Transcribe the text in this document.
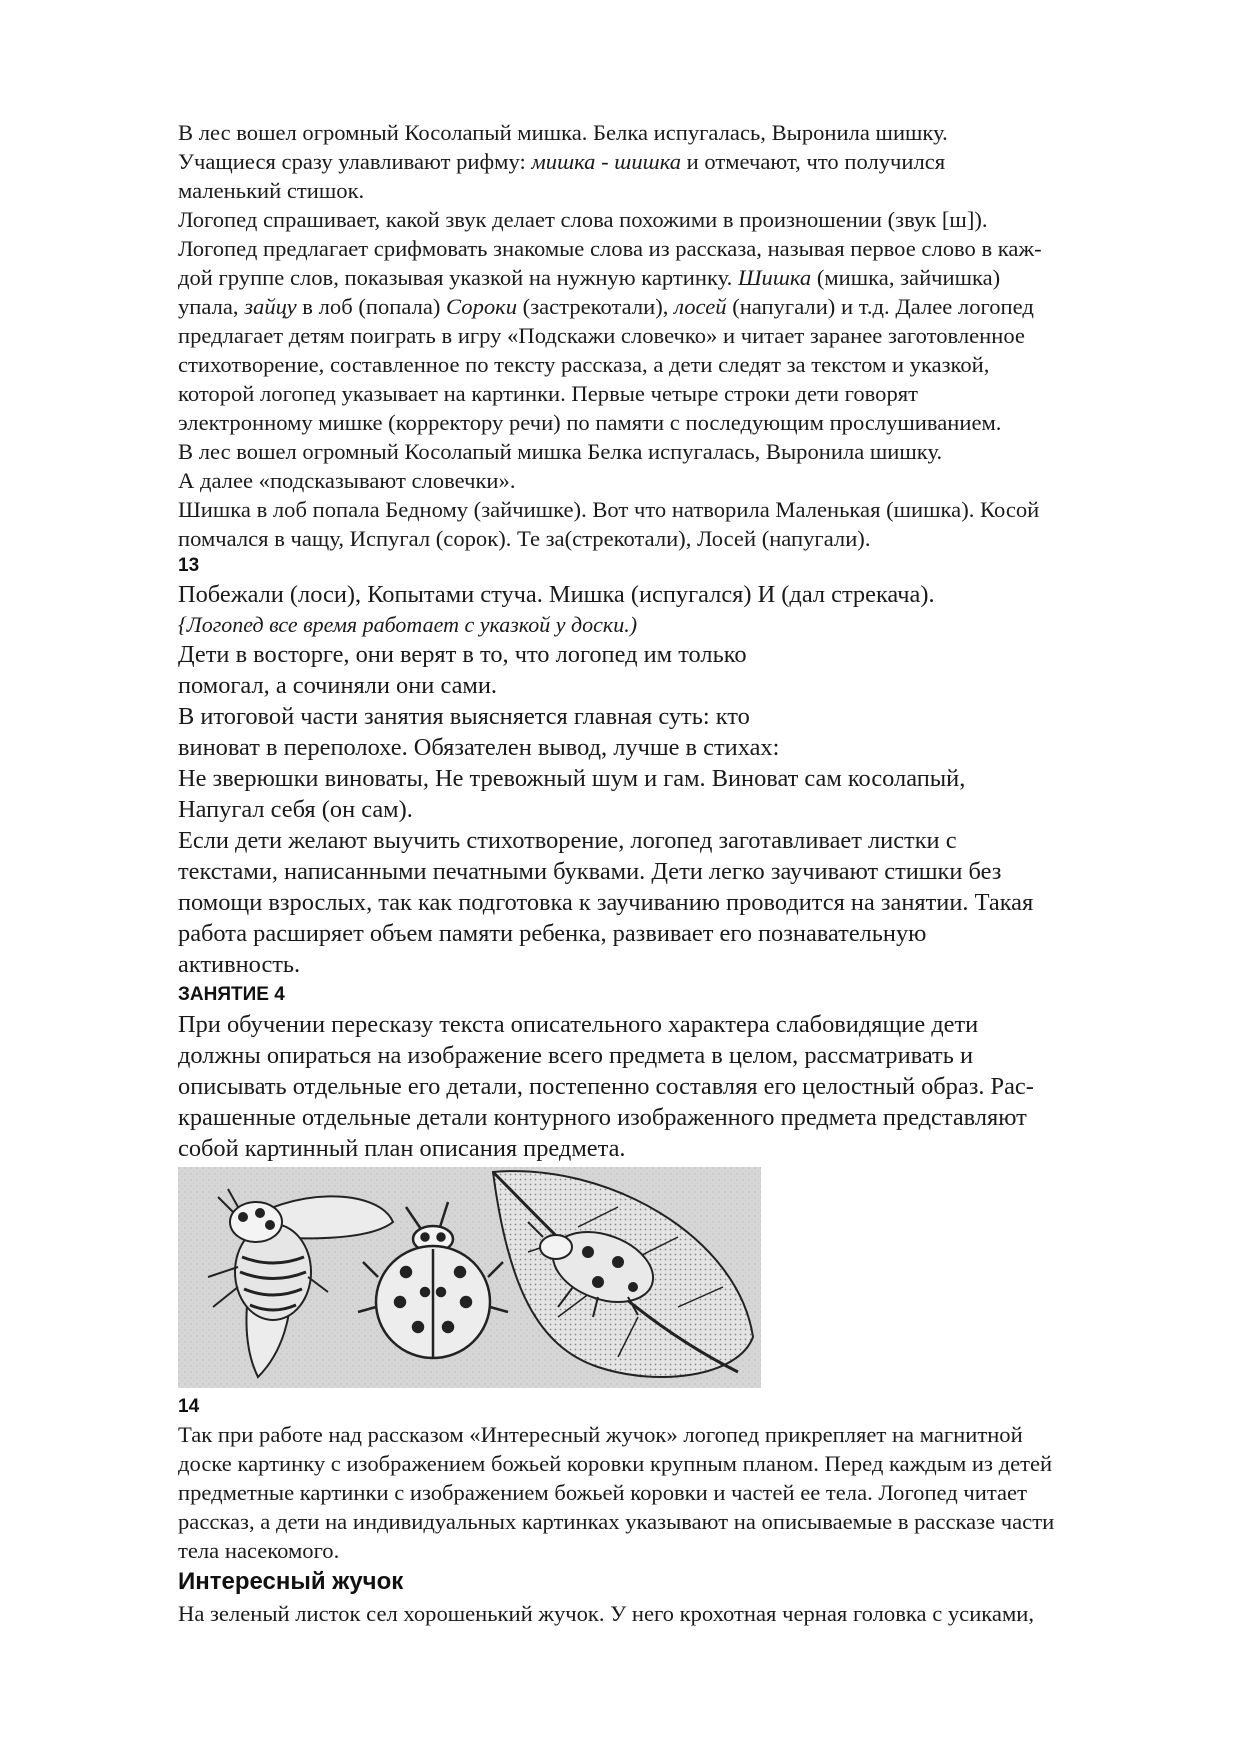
В лес вошел огромный Косолапый мишка. Белка испугалась, Выронила шишку.
Учащиеся сразу улавливают рифму: мишка - шишка и отмечают, что получился
маленький стишок.
Логопед спрашивает, какой звук делает слова похожими в произношении (звук [ш]).
Логопед предлагает срифмовать знакомые слова из рассказа, называя первое слово в каж-
дой группе слов, показывая указкой на нужную картинку. Шишка (мишка, зайчишка)
упала, зайцу в лоб (попала) Сороки (застрекотали), лосей (напугали) и т.д. Далее логопед
предлагает детям поиграть в игру «Подскажи словечко» и читает заранее заготовленное
стихотворение, составленное по тексту рассказа, а дети следят за текстом и указкой,
которой логопед указывает на картинки. Первые четыре строки дети говорят
электронному мишке (корректору речи) по памяти с последующим прослушиванием.
В лес вошел огромный Косолапый мишка Белка испугалась, Выронила шишку.
А далее «подсказывают словечки».
Шишка в лоб попала Бедному (зайчишке). Вот что натворила Маленькая (шишка). Косой
помчался в чащу, Испугал (сорок). Те за(стрекотали), Лосей (напугали).
13
Побежали (лоси), Копытами стуча. Мишка (испугался) И (дал стрекача).
{Логопед все время работает с указкой у доски.)
Дети в восторге, они верят в то, что логопед им только
помогал, а сочиняли они сами.
В итоговой части занятия выясняется главная суть: кто
виноват в переполохе. Обязателен вывод, лучше в стихах:
Не зверюшки виноваты, Не тревожный шум и гам. Виноват сам косолапый,
Напугал себя (он сам).
Если дети желают выучить стихотворение, логопед заготавливает листки с
текстами, написанными печатными буквами. Дети легко заучивают стишки без
помощи взрослых, так как подготовка к заучиванию проводится на занятии. Такая
работа расширяет объем памяти ребенка, развивает его познавательную
активность.
ЗАНЯТИЕ 4
При обучении пересказу текста описательного характера слабовидящие дети
должны опираться на изображение всего предмета в целом, рассматривать и
описывать отдельные его детали, постепенно составляя его целостный образ. Рас-
крашенные отдельные детали контурного изображенного предмета представляют
собой картинный план описания предмета.
14
Так при работе над рассказом «Интересный жучок» логопед прикрепляет на магнитной
доске картинку с изображением божьей коровки крупным планом. Перед каждым из детей
предметные картинки с изображением божьей коровки и частей ее тела. Логопед читает
рассказ, а дети на индивидуальных картинках указывают на описываемые в рассказе части
тела насекомого.
Интересный жучок
На зеленый листок сел хорошенький жучок. У него крохотная черная головка с усиками,
